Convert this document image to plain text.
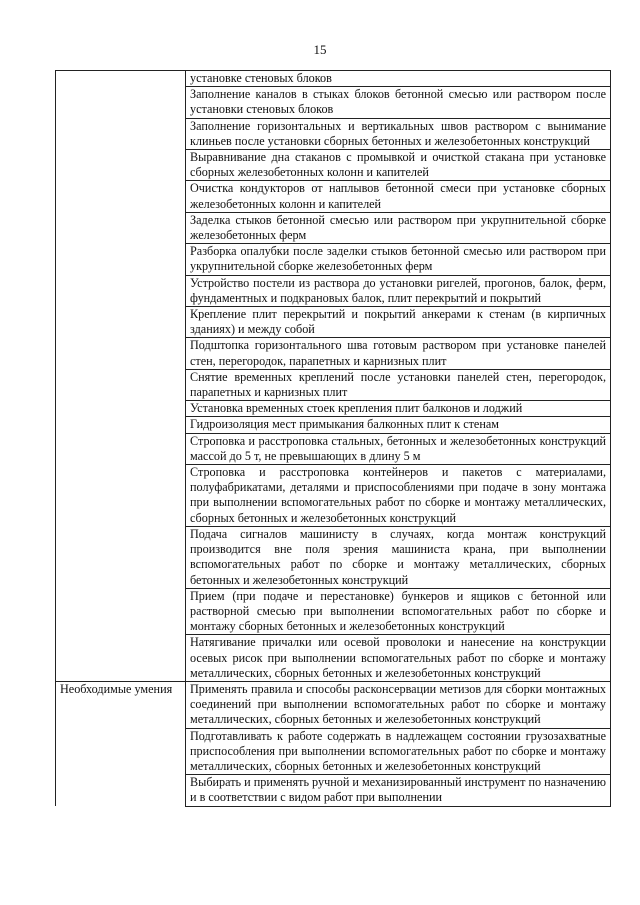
15
	установке стеновых блоков
	Заполнение каналов в стыках блоков бетонной смесью или раствором после установки стеновых блоков
	Заполнение горизонтальных и вертикальных швов раствором с вынимание клиньев после установки сборных бетонных и железобетонных конструкций
	Выравнивание дна стаканов с промывкой и очисткой стакана при установке сборных железобетонных колонн и капителей
	Очистка кондукторов от наплывов бетонной смеси при установке сборных железобетонных колонн и капителей
	Заделка стыков бетонной смесью или раствором при укрупнительной сборке железобетонных ферм
	Разборка опалубки после заделки стыков бетонной смесью или раствором при укрупнительной сборке железобетонных ферм
	Устройство постели из раствора до установки ригелей, прогонов, балок, ферм, фундаментных и подкрановых балок, плит перекрытий и покрытий
	Крепление плит перекрытий и покрытий анкерами к стенам (в кирпичных зданиях) и между собой
	Подштопка горизонтального шва готовым раствором при установке панелей стен, перегородок, парапетных и карнизных плит
	Снятие временных креплений после установки панелей стен, перегородок, парапетных и карнизных плит
	Установка временных стоек крепления плит балконов и лоджий
	Гидроизоляция мест примыкания балконных плит к стенам
	Строповка и расстроповка стальных, бетонных и железобетонных конструкций массой до 5 т, не превышающих в длину 5 м
	Строповка и расстроповка контейнеров и пакетов с материалами, полуфабрикатами, деталями и приспособлениями при подаче в зону монтажа при выполнении вспомогательных работ по сборке и монтажу металлических, сборных бетонных и железобетонных конструкций
	Подача сигналов машинисту в случаях, когда монтаж конструкций производится вне поля зрения машиниста крана, при выполнении вспомогательных работ по сборке и монтажу металлических, сборных бетонных и железобетонных конструкций
	Прием (при подаче и перестановке) бункеров и ящиков с бетонной или растворной смесью при выполнении вспомогательных работ по сборке и монтажу сборных бетонных и железобетонных конструкций
	Натягивание причалки или осевой проволоки и нанесение на конструкции осевых рисок при выполнении вспомогательных работ по сборке и монтажу металлических, сборных бетонных и железобетонных конструкций
Необходимые умения	Применять правила и способы расконсервации метизов для сборки монтажных соединений при выполнении вспомогательных работ по сборке и монтажу металлических, сборных бетонных и железобетонных конструкций
	Подготавливать к работе содержать в надлежащем состоянии грузозахватные приспособления при выполнении вспомогательных работ по сборке и монтажу металлических, сборных бетонных и железобетонных конструкций
	Выбирать и применять ручной и механизированный инструмент по назначению и в соответствии с видом работ при выполнении
